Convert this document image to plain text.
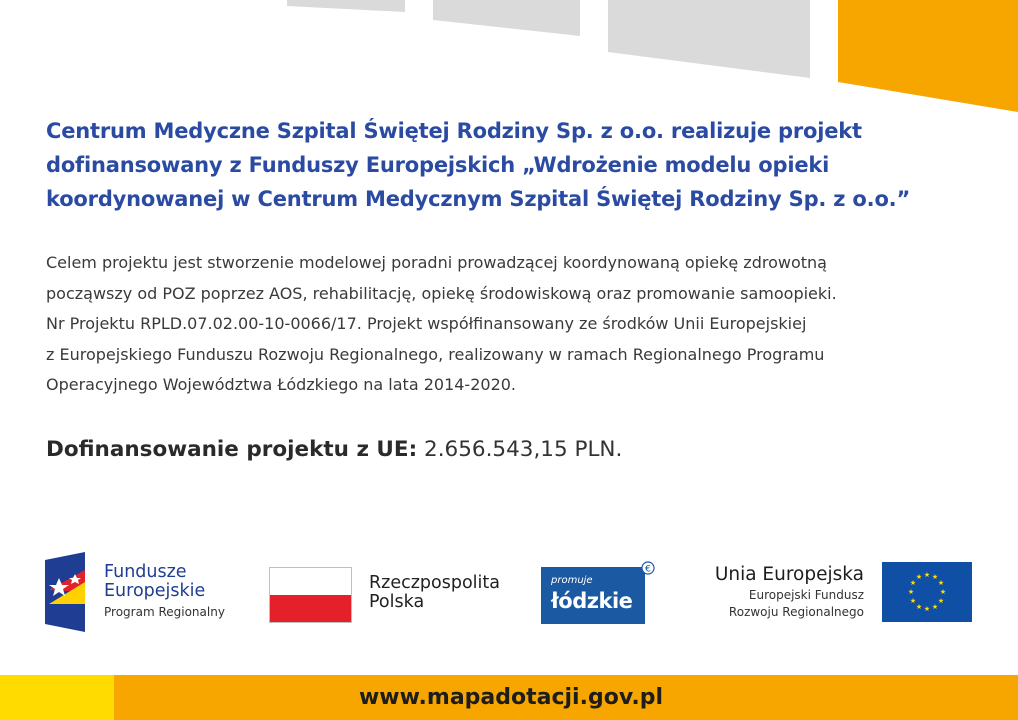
Centrum Medyczne Szpital Świętej Rodziny Sp. z o.o. realizuje projekt
dofinansowany z Funduszy Europejskich „Wdrożenie modelu opieki
koordynowanej w Centrum Medycznym Szpital Świętej Rodziny Sp. z o.o.”
Celem projektu jest stworzenie modelowej poradni prowadzącej koordynowaną opiekę zdrowotną
począwszy od POZ poprzez AOS, rehabilitację, opiekę środowiskową oraz promowanie samoopieki.
Nr Projektu RPLD.07.02.00-10-0066/17. Projekt współfinansowany ze środków Unii Europejskiej
z Europejskiego Funduszu Rozwoju Regionalnego, realizowany w ramach Regionalnego Programu
Operacyjnego Województwa Łódzkiego na lata 2014-2020.
Dofinansowanie projektu z UE: 2.656.543,15 PLN.
Fundusze
Europejskie
Program Regionalny
Rzeczpospolita
Polska
promuje
łódzkie
€	Unia Europejska
Europejski Fundusz
Rozwoju Regionalnego
★ ★
★
★
★
★
★
★
★
★
★
★
www.mapadotacji.gov.pl
